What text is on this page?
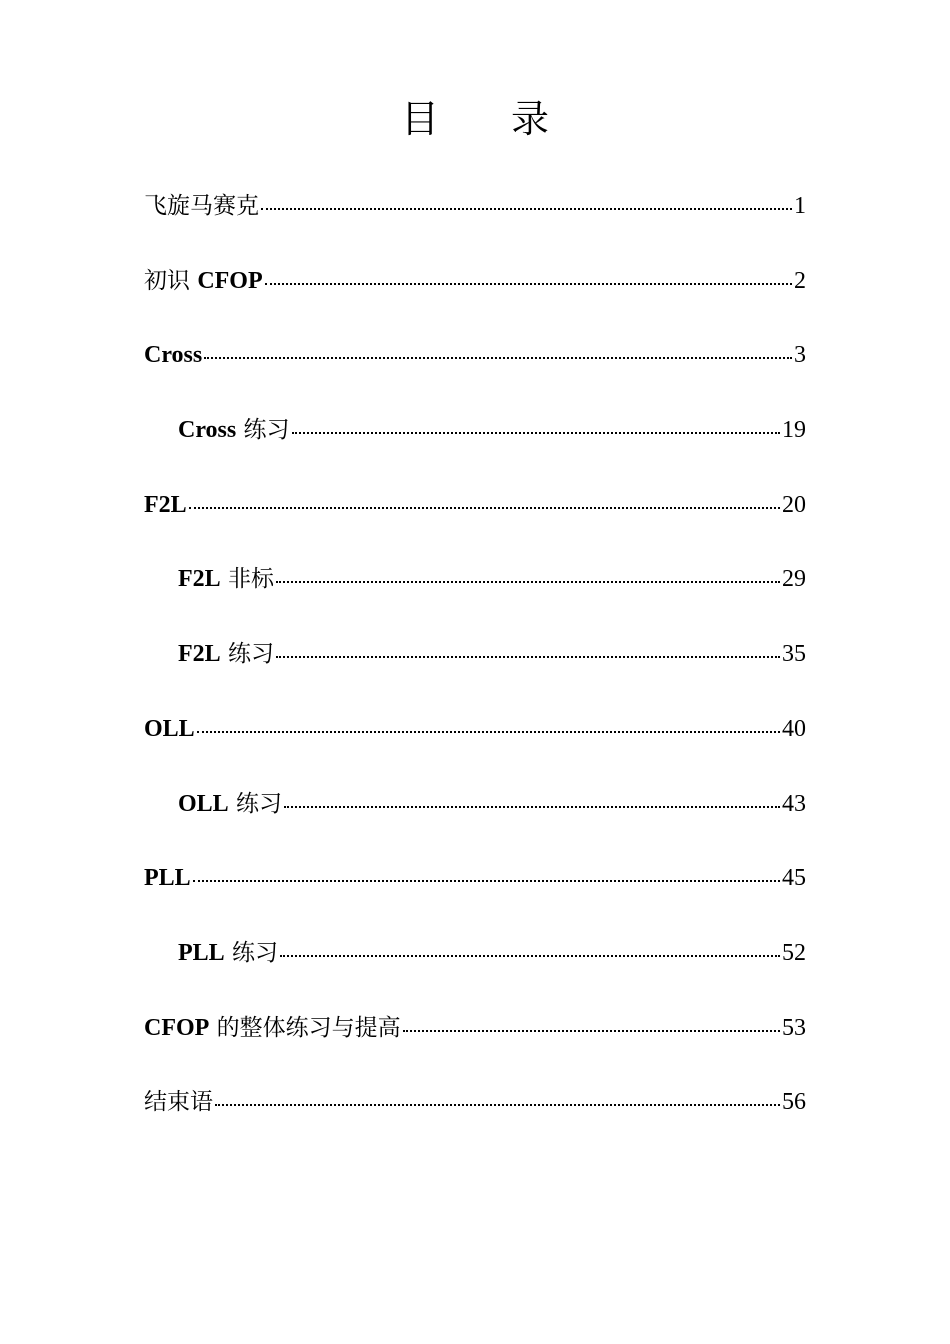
目 录
飞旋马赛克	1
初识 CFOP	2
Cross	3
Cross 练习	19
F2L	20
F2L 非标	29
F2L 练习	35
OLL	40
OLL 练习	43
PLL	45
PLL 练习	52
CFOP 的整体练习与提高	53
结束语	56
